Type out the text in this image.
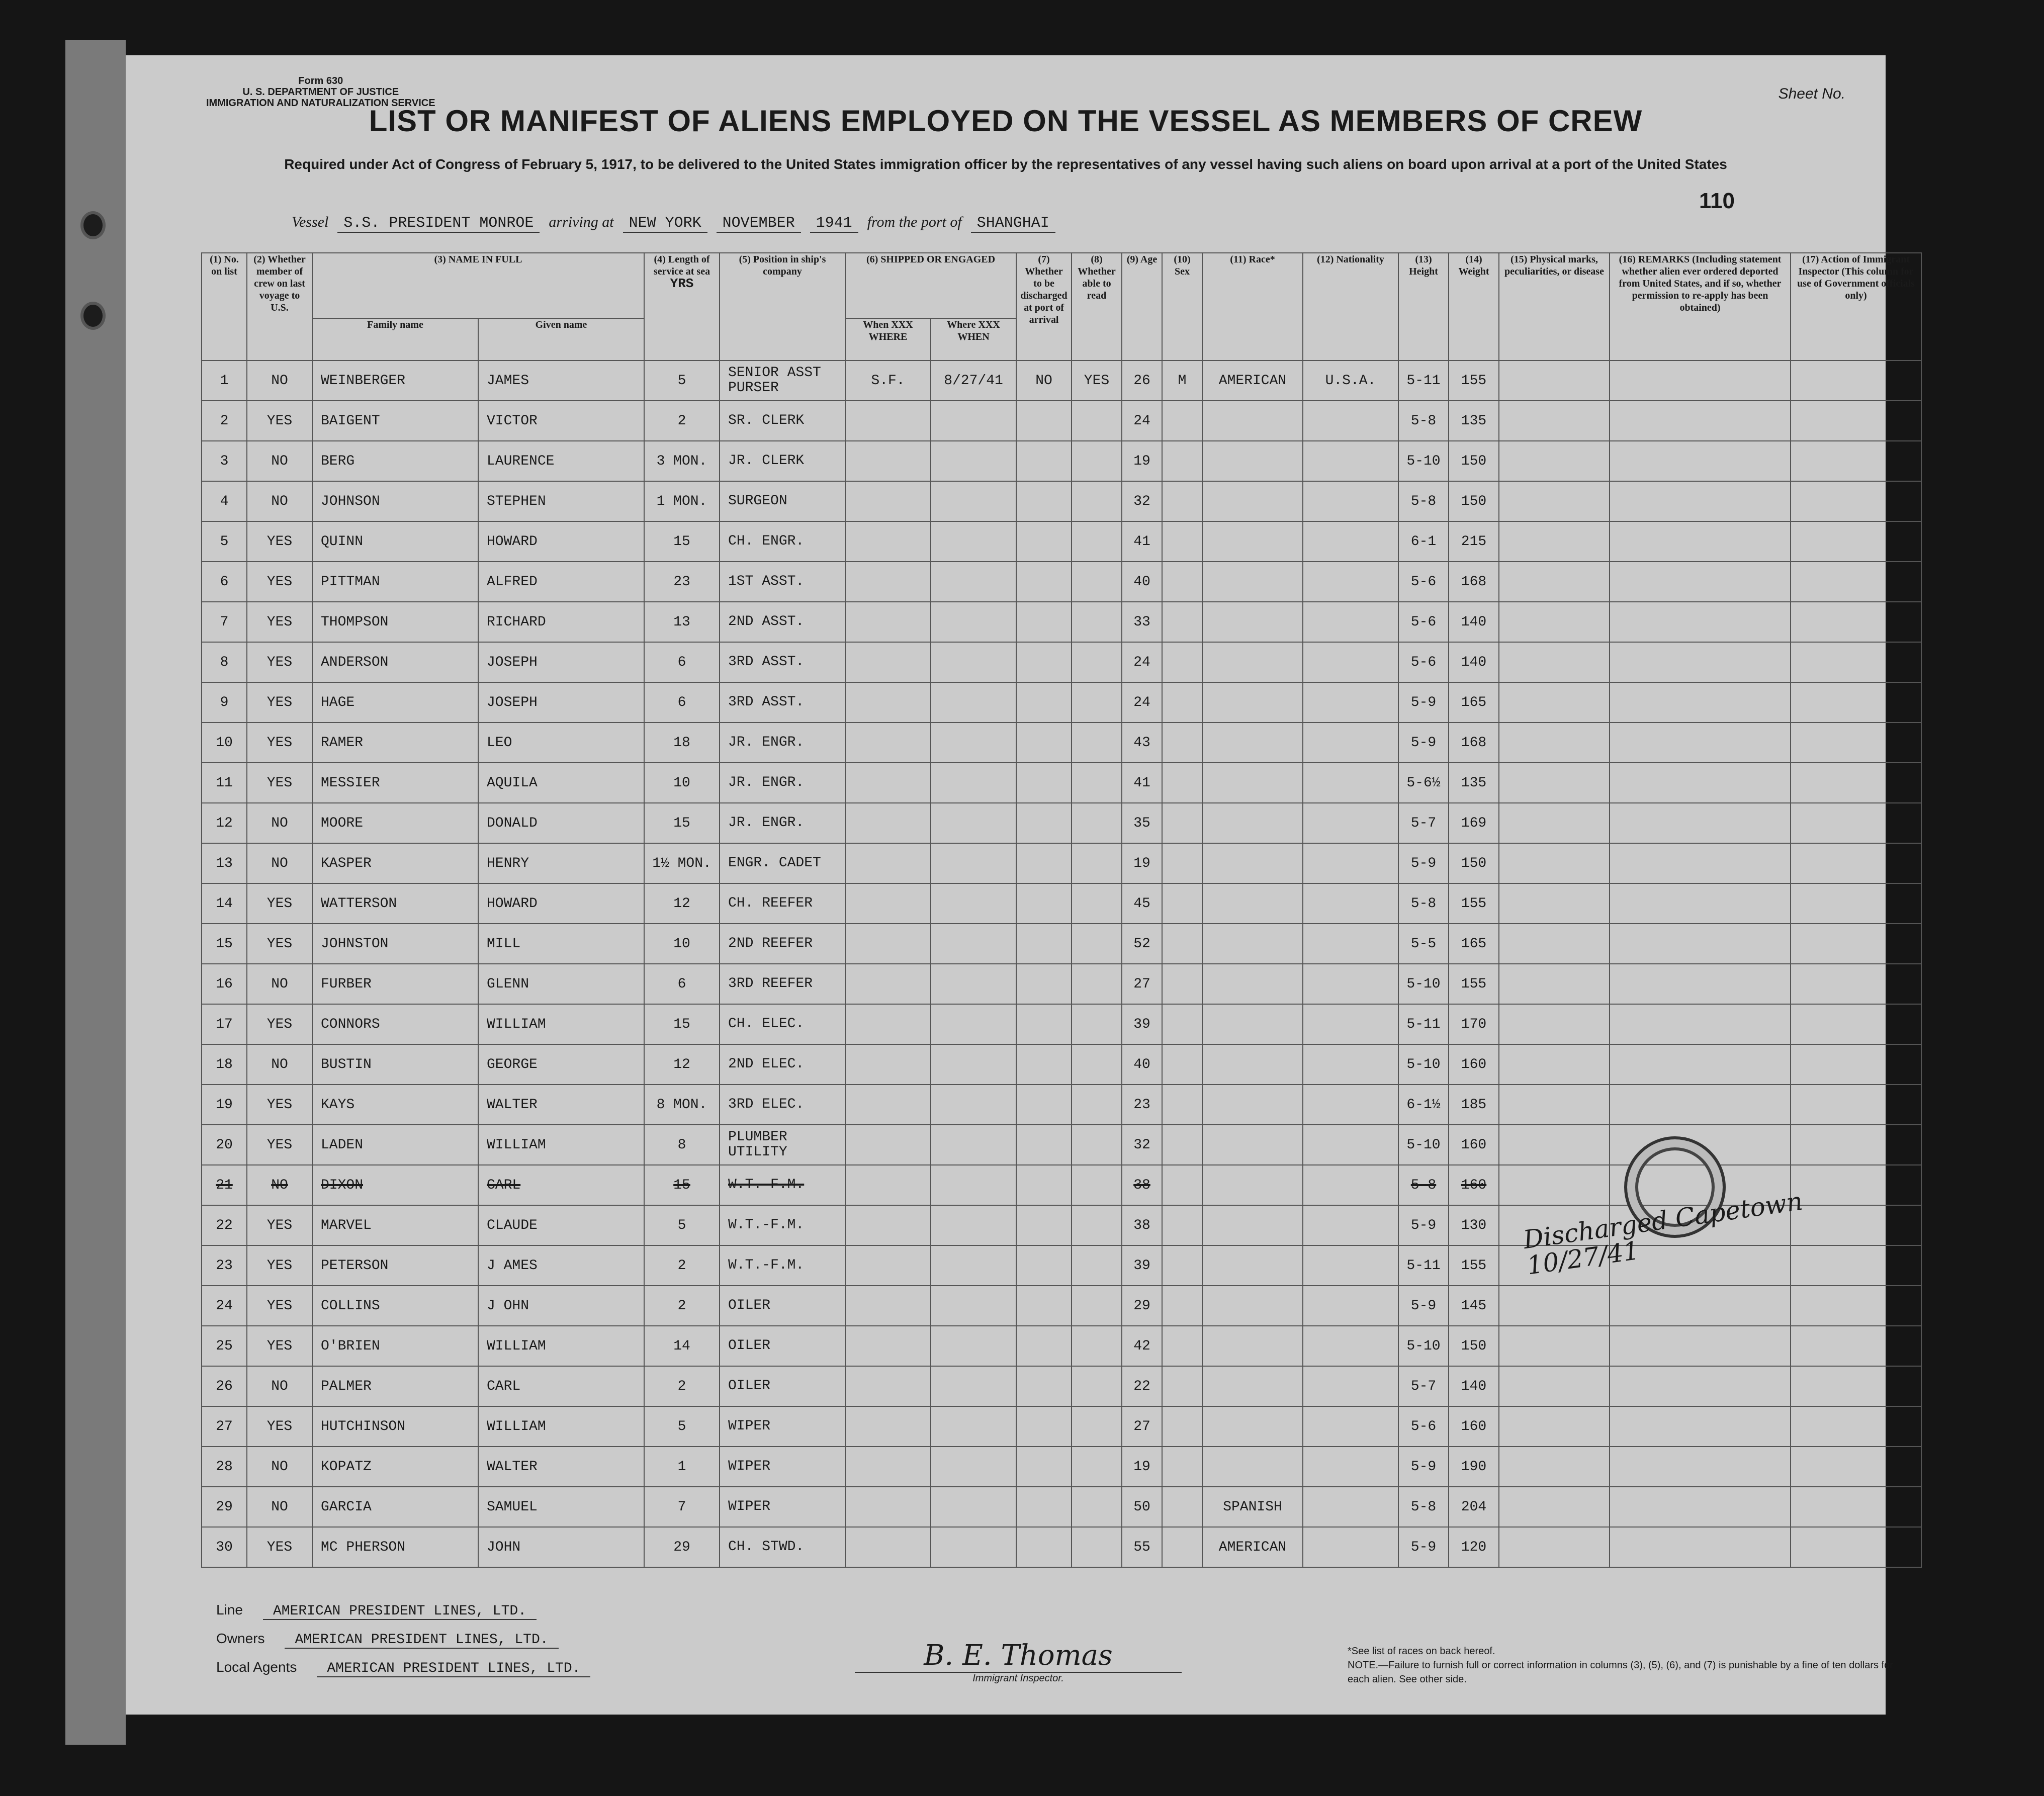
Form 630
U. S. DEPARTMENT OF JUSTICE
IMMIGRATION AND NATURALIZATION SERVICE
Sheet No.
LIST OR MANIFEST OF ALIENS EMPLOYED ON THE VESSEL AS MEMBERS OF CREW
Required under Act of Congress of February 5, 1917, to be delivered to the United States immigration officer by the representatives of any vessel having such aliens on board upon arrival at a port of the United States
110
Vessel	S.S. PRESIDENT MONROE	arriving at	NEW YORK	NOVEMBER	1941	from the port of	SHANGHAI
(1) No. on list	(2) Whether member of crew on last voyage to U.S.	(3) NAME IN FULL		(4) Length of service at sea
YRS	(5) Position in ship's company	(6) SHIPPED OR ENGAGED		(7) Whether to be discharged at port of arrival	(8) Whether able to read	(9) Age	(10) Sex	(11) Race*	(12) Nationality	(13) Height	(14) Weight	(15) Physical marks, peculiarities, or disease	(16) REMARKS (Including statement whether alien ever ordered deported from United States, and if so, whether permission to re-apply has been obtained)	(17) Action of Immigrant Inspector (This column for use of Government officials only)
		Family name	Given name			When XXX WHERE	Where XXX WHEN											
1	NO	WEINBERGER	JAMES	5	SENIOR ASST PURSER	S.F.	8/27/41	NO	YES	26	M	AMERICAN	U.S.A.	5-11	155			
2	YES	BAIGENT	VICTOR	2	SR. CLERK					24				5-8	135			
3	NO	BERG	LAURENCE	3 MON.	JR. CLERK					19				5-10	150			
4	NO	JOHNSON	STEPHEN	1 MON.	SURGEON					32				5-8	150			
5	YES	QUINN	HOWARD	15	CH. ENGR.					41				6-1	215			
6	YES	PITTMAN	ALFRED	23	1ST ASST.					40				5-6	168			
7	YES	THOMPSON	RICHARD	13	2ND ASST.					33				5-6	140			
8	YES	ANDERSON	JOSEPH	6	3RD ASST.					24				5-6	140			
9	YES	HAGE	JOSEPH	6	3RD ASST.					24				5-9	165			
10	YES	RAMER	LEO	18	JR. ENGR.					43				5-9	168			
11	YES	MESSIER	AQUILA	10	JR. ENGR.					41				5-6½	135			
12	NO	MOORE	DONALD	15	JR. ENGR.					35				5-7	169			
13	NO	KASPER	HENRY	1½ MON.	ENGR. CADET					19				5-9	150			
14	YES	WATTERSON	HOWARD	12	CH. REEFER					45				5-8	155			
15	YES	JOHNSTON	MILL	10	2ND REEFER					52				5-5	165			
16	NO	FURBER	GLENN	6	3RD REEFER					27				5-10	155			
17	YES	CONNORS	WILLIAM	15	CH. ELEC.					39				5-11	170			
18	NO	BUSTIN	GEORGE	12	2ND ELEC.					40				5-10	160			
19	YES	KAYS	WALTER	8 MON.	3RD ELEC.					23				6-1½	185			
20	YES	LADEN	WILLIAM	8	PLUMBER UTILITY					32				5-10	160			
21	NO	DIXON	CARL	15	W.T.-F.M.					38				5-8	160			
22	YES	MARVEL	CLAUDE	5	W.T.-F.M.					38				5-9	130			
23	YES	PETERSON	J AMES	2	W.T.-F.M.					39				5-11	155			
24	YES	COLLINS	J OHN	2	OILER					29				5-9	145			
25	YES	O'BRIEN	WILLIAM	14	OILER					42				5-10	150			
26	NO	PALMER	CARL	2	OILER					22				5-7	140			
27	YES	HUTCHINSON	WILLIAM	5	WIPER					27				5-6	160			
28	NO	KOPATZ	WALTER	1	WIPER					19				5-9	190			
29	NO	GARCIA	SAMUEL	7	WIPER					50		SPANISH		5-8	204			
30	YES	MC PHERSON	JOHN	29	CH. STWD.					55		AMERICAN		5-9	120			
Line AMERICAN PRESIDENT LINES, LTD.
Owners AMERICAN PRESIDENT LINES, LTD.
Local Agents AMERICAN PRESIDENT LINES, LTD.	B. E. Thomas
Immigrant Inspector.
*See list of races on back hereof.
NOTE.—Failure to furnish full or correct information in columns (3), (5), (6), and (7) is punishable by a fine of ten dollars for each alien. See other side.
Discharged Capetown 10/27/41
